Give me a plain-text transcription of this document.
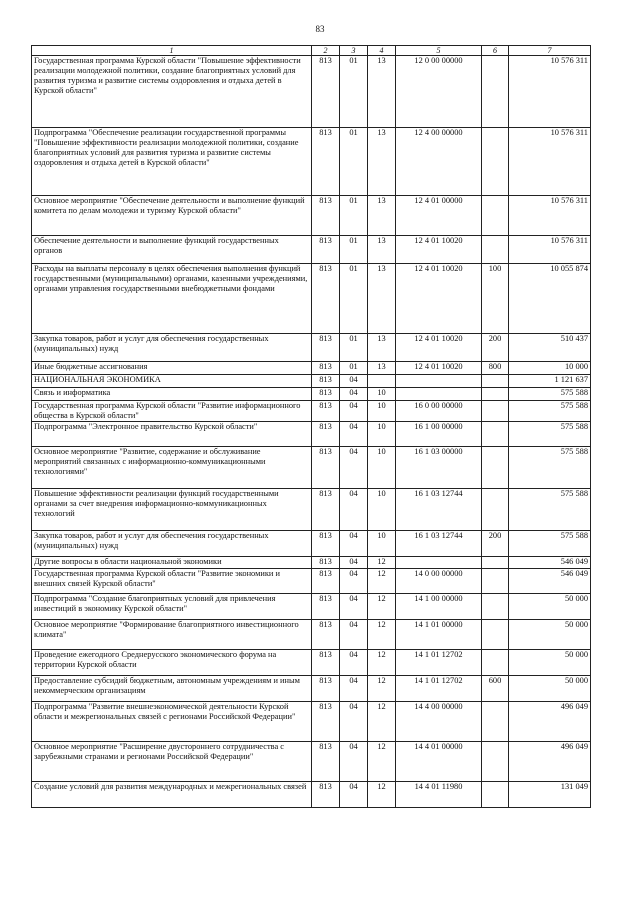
83
1	2	3	4	5	6	7
Государственная программа Курской области "Повышение эффективности реализации молодежной политики, создание благоприятных условий для развития туризма и развитие системы оздоровления и отдыха детей в Курской области"	813	01	13	12 0 00 00000		10 576 311
Подпрограмма "Обеспечение реализации государственной программы "Повышение эффективности реализации молодежной политики, создание благоприятных условий для развития туризма и развитие системы оздоровления и отдыха детей в Курской области"	813	01	13	12 4 00 00000		10 576 311
Основное мероприятие "Обеспечение деятельности и выполнение функций комитета по делам молодежи и туризму Курской области"	813	01	13	12 4 01 00000		10 576 311
Обеспечение деятельности и выполнение функций государственных органов	813	01	13	12 4 01 10020		10 576 311
Расходы на выплаты персоналу в целях обеспечения выполнения функций государственными (муниципальными) органами, казенными учреждениями, органами управления государственными внебюджетными фондами	813	01	13	12 4 01 10020	100	10 055 874
Закупка товаров, работ и услуг для обеспечения государственных (муниципальных) нужд	813	01	13	12 4 01 10020	200	510 437
Иные бюджетные ассигнования	813	01	13	12 4 01 10020	800	10 000
НАЦИОНАЛЬНАЯ ЭКОНОМИКА	813	04				1 121 637
Связь и информатика	813	04	10			575 588
Государственная программа Курской области "Развитие информационного общества в Курской области"	813	04	10	16 0 00 00000		575 588
Подпрограмма "Электронное правительство Курской области"	813	04	10	16 1 00 00000		575 588
Основное мероприятие "Развитие, содержание и обслуживание мероприятий связанных с информационно-коммуникационными технологиями"	813	04	10	16 1 03 00000		575 588
Повышение эффективности реализации функций государственными органами за счет внедрения информационно-коммуникационных технологий	813	04	10	16 1 03 12744		575 588
Закупка товаров, работ и услуг для обеспечения государственных (муниципальных) нужд	813	04	10	16 1 03 12744	200	575 588
Другие вопросы в области национальной экономики	813	04	12			546 049
Государственная программа Курской области "Развитие экономики и внешних связей Курской области"	813	04	12	14 0 00 00000		546 049
Подпрограмма "Создание благоприятных условий для привлечения инвестиций в экономику Курской области"	813	04	12	14 1 00 00000		50 000
Основное мероприятие "Формирование благоприятного инвестиционного климата"	813	04	12	14 1 01 00000		50 000
Проведение ежегодного Среднерусского экономического форума на территории Курской области	813	04	12	14 1 01 12702		50 000
Предоставление субсидий бюджетным, автономным учреждениям и иным некоммерческим организациям	813	04	12	14 1 01 12702	600	50 000
Подпрограмма "Развитие внешнеэкономической деятельности Курской области и межрегиональных связей с регионами Российской Федерации"	813	04	12	14 4 00 00000		496 049
Основное мероприятие "Расширение двустороннего сотрудничества с зарубежными странами и регионами Российской Федерации"	813	04	12	14 4 01 00000		496 049
Создание условий для развития международных и межрегиональных связей	813	04	12	14 4 01 11980		131 049
